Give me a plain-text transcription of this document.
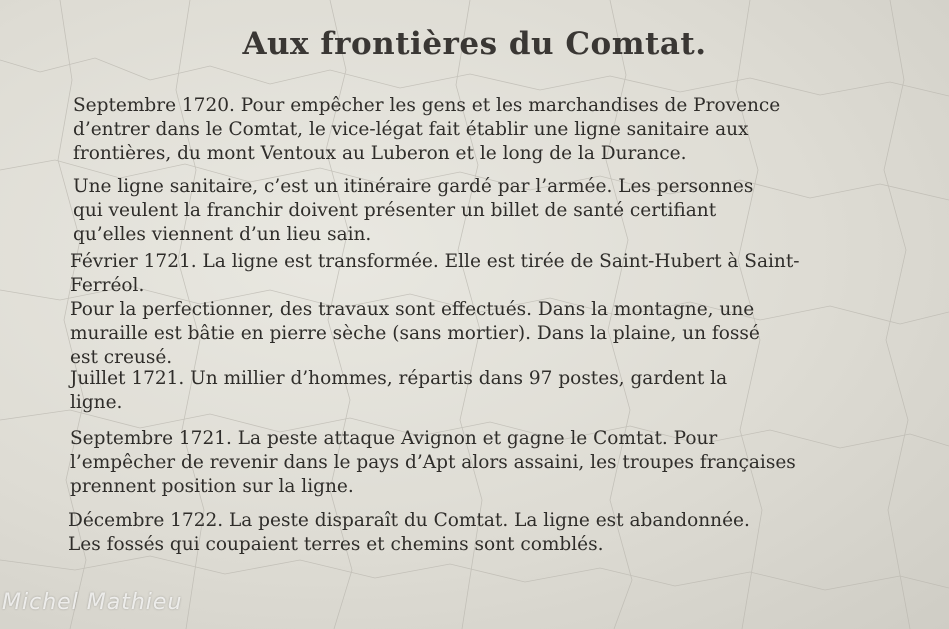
Aux frontières du Comtat.
Septembre 1720. Pour empêcher les gens et les marchandises de Provence
d’entrer dans le Comtat, le vice-légat fait établir une ligne sanitaire aux
frontières, du mont Ventoux au Luberon et le long de la Durance.
Une ligne sanitaire, c’est un itinéraire gardé par l’armée. Les personnes
qui veulent la franchir doivent présenter un billet de santé certifiant
qu’elles viennent d’un lieu sain.
Février 1721. La ligne est transformée. Elle est tirée de Saint-Hubert à Saint-
Ferréol.
Pour la perfectionner, des travaux sont effectués. Dans la montagne, une
muraille est bâtie en pierre sèche (sans mortier). Dans la plaine, un fossé
est creusé.
Juillet 1721. Un millier d’hommes, répartis dans 97 postes, gardent la
ligne.
Septembre 1721. La peste attaque Avignon et gagne le Comtat. Pour
l’empêcher de revenir dans le pays d’Apt alors assaini, les troupes françaises
prennent position sur la ligne.
Décembre 1722. La peste disparaît du Comtat. La ligne est abandonnée.
Les fossés qui coupaient terres et chemins sont comblés.
Michel Mathieu
